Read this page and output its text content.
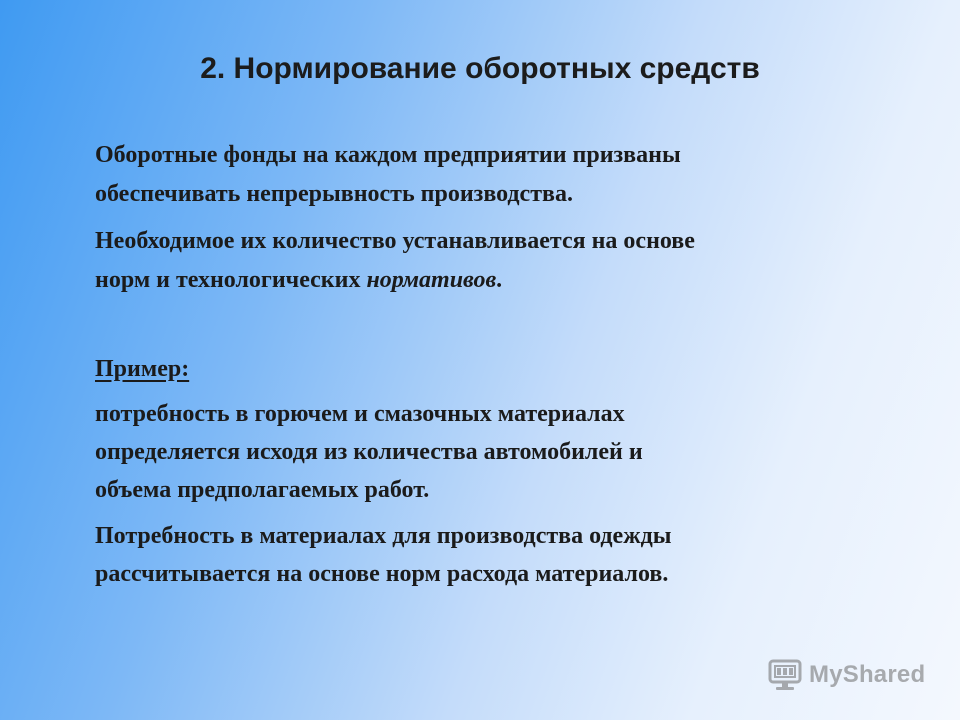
2. Нормирование оборотных средств

Оборотные фонды на каждом предприятии призваны
обеспечивать непрерывность производства.

Необходимое их количество устанавливается на основе
норм и технологических нормативов.

Пример:

потребность в горючем и смазочных материалах
определяется исходя из количества автомобилей и
объема предполагаемых работ.

Потребность в материалах для производства одежды
рассчитывается на основе норм расхода материалов.

MyShared
